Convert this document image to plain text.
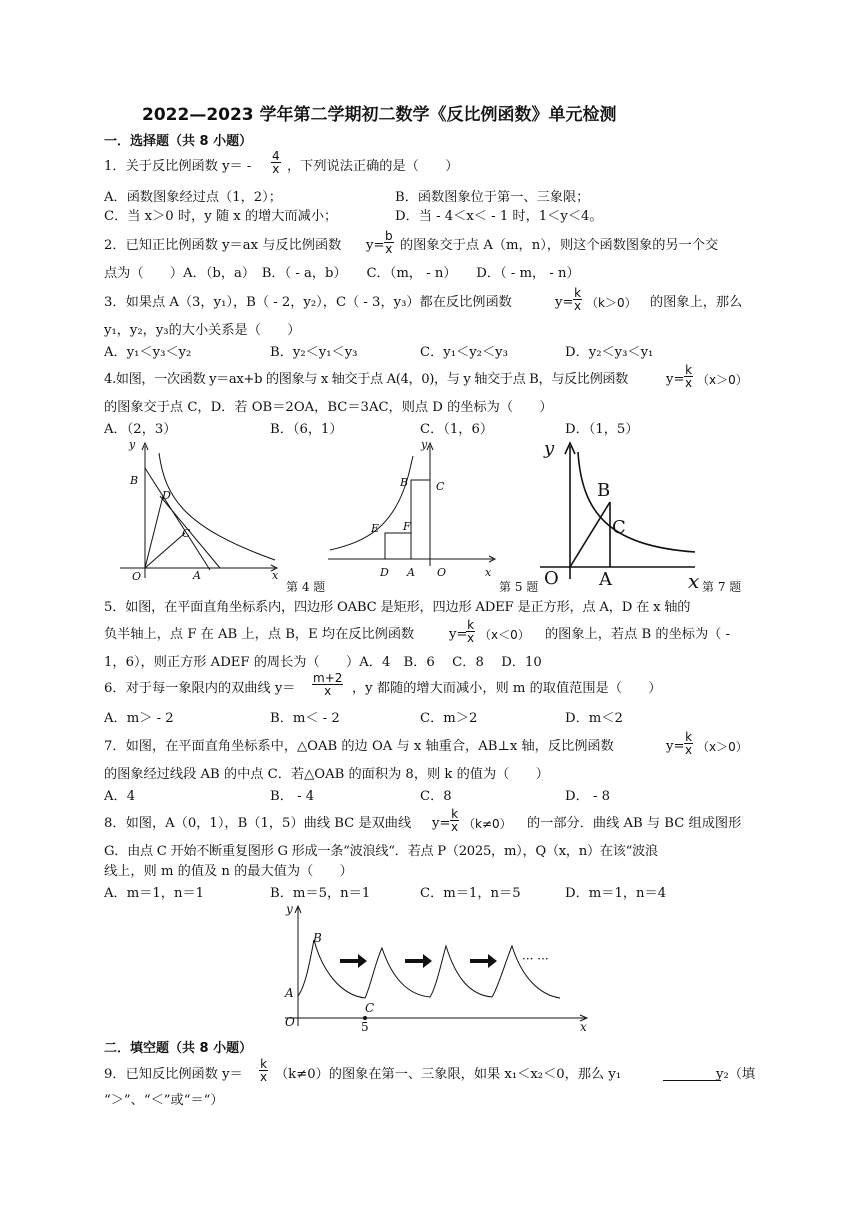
2022—2023 学年第二学期初二数学《反比例函数》单元检测
一．选择题（共 8 小题）
1．关于反比例函数 $y= - \frac{4}{x}$ ，下列说法正确的是（　　）
A．函数图象经过点（1，2）；	B．函数图象位于第一、三象限；
C．当 x＞0 时，y 随 x 的增大而减小；	D．当 - 4＜x＜ - 1 时，1＜y＜4。
2．已知正比例函数 y＝ax 与反比例函数 $y= \frac{b}{x}$ 的图象交于点 A（m，n），则这个函数图象的另一个交
点为（　　）A．（b，a）　B．（ - a，b）　　C．（m， - n）　　D．（ - m， - n）
3．如果点 A（3，y₁），B（ - 2，y₂），C（ - 3，y₃）都在反比例函数	$y= \frac{k}{x} (k>0)$ 的图象上，那么
y₁，y₂，y₃的大小关系是（　　）
A．y₁＜y₃＜y₂	B．y₂＜y₁＜y₃	C．y₁＜y₂＜y₃	D．y₂＜y₃＜y₁
4.如图，一次函数 y＝ax+b 的图象与 x 轴交于点 A(4，0)，与 y 轴交于点 B，与反比例函数	$y= \frac{k}{x} (x>0)$
的图象交于点 C，D．若 OB＝2OA，BC＝3AC，则点 D 的坐标为（　　）
A．（2，3）	B．（6，1）	C．（1，6）	D．（1，5）
y
B
D
C
O	A	x
第 4 题
y
B	C
E F
D A O	x
第 5 题
y
B
C
O A	x 第 7 题
5．如图，在平面直角坐标系内，四边形 OABC 是矩形，四边形 ADEF 是正方形，点 A，D 在 x 轴的
负半轴上，点 F 在 AB 上，点 B，E 均在反比例函数	y=
$\frac{k}{x} (x<0)$ 的图象上，若点 B 的坐标为（ -
1，6），则正方形 ADEF 的周长为（　　）A．4　B．6　 C．8　 D．10
6．对于每一象限内的双曲线 $y= \frac{m+2}{x}$ ，y 都随的增大而减小，则 m 的取值范围是（　　）
A．m＞ - 2	B．m＜ - 2	C．m＞2	D．m＜2
7．如图，在平面直角坐标系中，△OAB 的边 OA 与 x 轴重合，AB⊥x 轴，反比例函数	$y= \frac{k}{x} (x>0)$
的图象经过线段 AB 的中点 C．若△OAB 的面积为 8，则 k 的值为（　　）
A．4	B． - 4	C．8	D． - 8
8．如图，A（0，1），B（1，5）曲线 BC 是双曲线 $y= \frac{k}{x} (k\ne 0)$ 的一部分．曲线 AB 与 BC 组成图形
G．由点 C 开始不断重复图形 G 形成一条“波浪线“．若点 P（2025，m），Q（x，n）在该“波浪
线上，则 m 的值及 n 的最大值为（　　）
A．m＝1，n＝1	B．m＝5，n＝1	C．m＝1，n＝5	D．m＝1，n＝4
y
B
A
C
O	5	x
··· ···
二．填空题（共 8 小题）
9．已知反比例函数 $y= \frac{k}{x} (k\ne 0)$的图象在第一、三象限，如果 x₁＜x₂＜0，那么 y₁	y₂（填
“＞”、“＜”或“＝“）
